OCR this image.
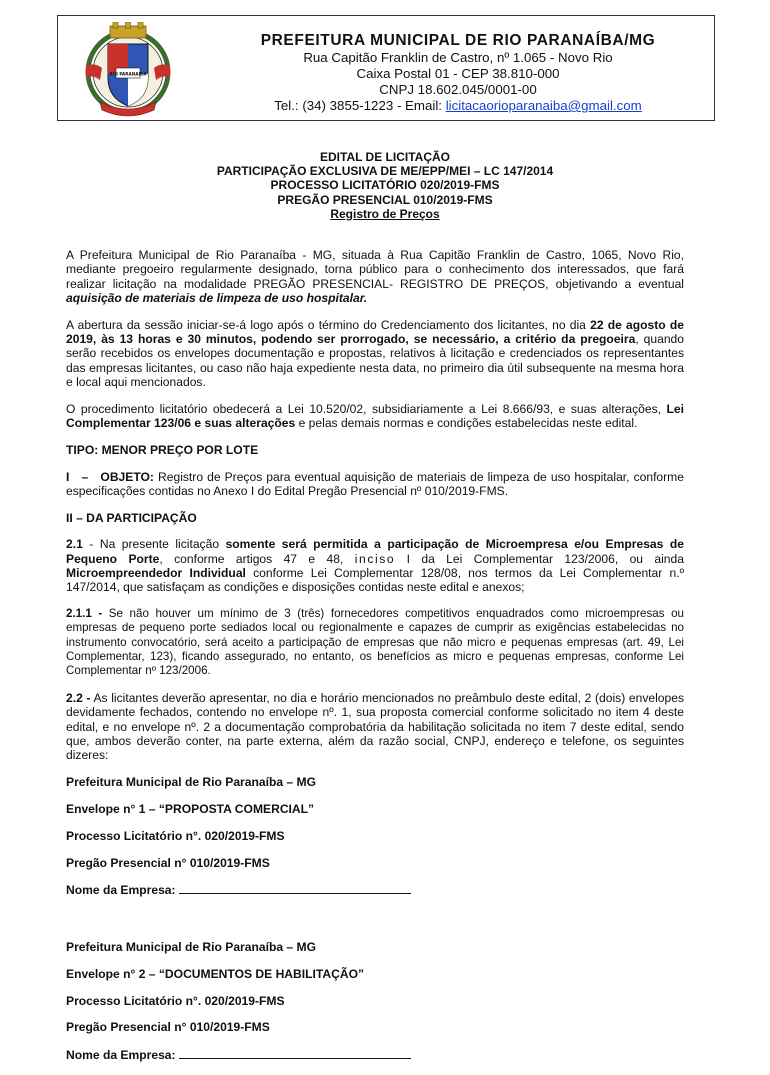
RIO PARANAIBA
PREFEITURA MUNICIPAL DE RIO PARANAÍBA/MG
Rua Capitão Franklin de Castro, nº 1.065 - Novo Rio
Caixa Postal 01 - CEP 38.810-000
CNPJ 18.602.045/0001-00
Tel.: (34) 3855-1223 - Email: licitacaorioparanaiba@gmail.com
EDITAL DE LICITAÇÃO
PARTICIPAÇÃO EXCLUSIVA DE ME/EPP/MEI – LC 147/2014
PROCESSO LICITATÓRIO 020/2019-FMS
PREGÃO PRESENCIAL 010/2019-FMS
Registro de Preços

A Prefeitura Municipal de Rio Paranaíba - MG, situada à Rua Capitão Franklin de Castro, 1065, Novo Rio, mediante pregoeiro regularmente designado, torna público para o conhecimento dos interessados, que fará realizar licitação na modalidade PREGÃO PRESENCIAL- REGISTRO DE PREÇOS, objetivando a eventual aquisição de materiais de limpeza de uso hospitalar.

A abertura da sessão iniciar-se-á logo após o término do Credenciamento dos licitantes, no dia 22 de agosto de 2019, às 13 horas e 30 minutos, podendo ser prorrogado, se necessário, a critério da pregoeira, quando serão recebidos os envelopes documentação e propostas, relativos à licitação e credenciados os representantes das empresas licitantes, ou caso não haja expediente nesta data, no primeiro dia útil subsequente na mesma hora e local aqui mencionados.

O procedimento licitatório obedecerá a Lei 10.520/02, subsidiariamente a Lei 8.666/93, e suas alterações, Lei Complementar 123/06 e suas alterações e pelas demais normas e condições estabelecidas neste edital.

TIPO: MENOR PREÇO POR LOTE

I   –   OBJETO: Registro de Preços para eventual aquisição de materiais de limpeza de uso hospitalar, conforme especificações contidas no Anexo I do Edital Pregão Presencial nº 010/2019-FMS.

II – DA PARTICIPAÇÃO

2.1 - Na presente licitação somente será permitida a participação de Microempresa e/ou Empresas de Pequeno Porte, conforme artigos 47 e 48, inciso I da Lei Complementar 123/2006, ou ainda Microempreendedor Individual conforme Lei Complementar 128/08, nos termos da Lei Complementar n.º 147/2014, que satisfaçam as condições e disposições contidas neste edital e anexos;

2.1.1 - Se não houver um mínimo de 3 (três) fornecedores competitivos enquadrados como microempresas ou empresas de pequeno porte sediados local ou regionalmente e capazes de cumprir as exigências estabelecidas no instrumento convocatório, será aceito a participação de empresas que não micro e pequenas empresas (art. 49, Lei Complementar, 123), ficando assegurado, no entanto, os benefícios as micro e pequenas empresas, conforme Lei Complementar nº 123/2006.

2.2 - As licitantes deverão apresentar, no dia e horário mencionados no preâmbulo deste edital, 2 (dois) envelopes devidamente fechados, contendo no envelope nº. 1, sua proposta comercial conforme solicitado no item 4 deste edital, e no envelope nº. 2 a documentação comprobatória da habilitação solicitada no item 7 deste edital, sendo que, ambos deverão conter, na parte externa, além da razão social, CNPJ, endereço e telefone, os seguintes dizeres:

Prefeitura Municipal de Rio Paranaíba – MG

Envelope n° 1 – “PROPOSTA COMERCIAL”

Processo Licitatório n°. 020/2019-FMS

Pregão Presencial n° 010/2019-FMS

Nome da Empresa:

Prefeitura Municipal de Rio Paranaíba – MG

Envelope n° 2 – “DOCUMENTOS DE HABILITAÇÃO”

Processo Licitatório n°. 020/2019-FMS

Pregão Presencial n° 010/2019-FMS

Nome da Empresa:
